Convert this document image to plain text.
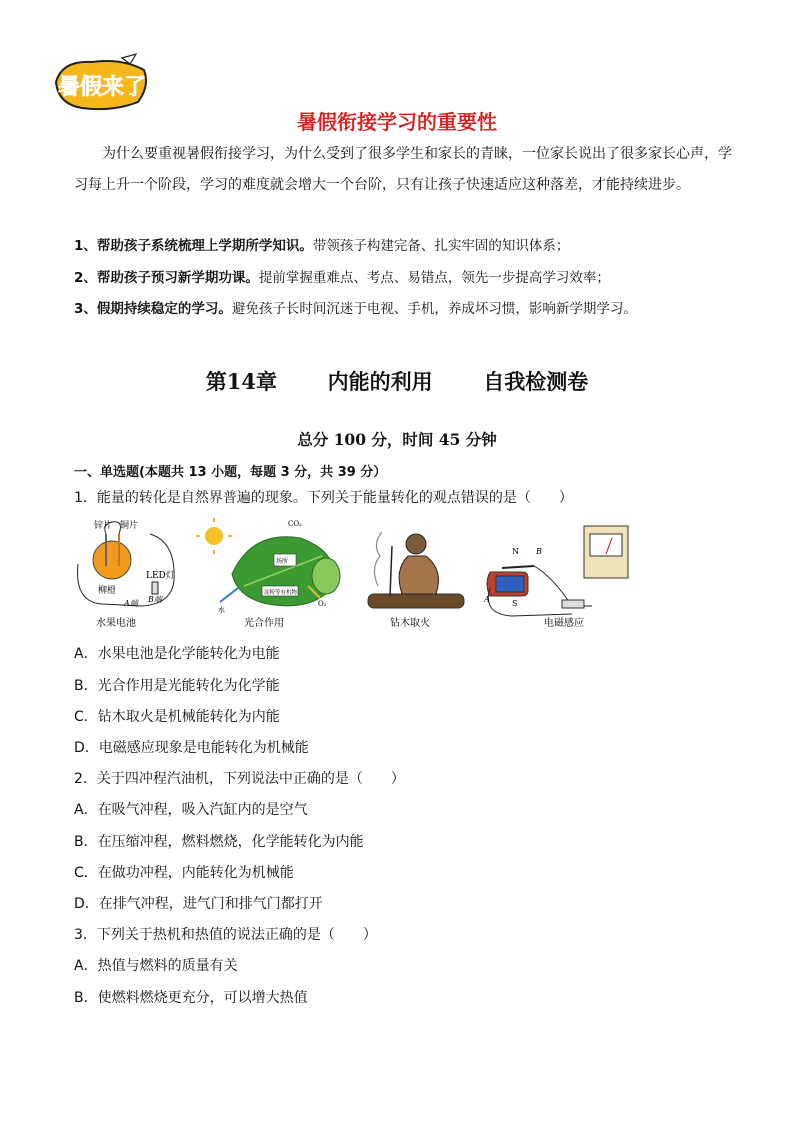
暑假来了
暑假衔接学习的重要性
为什么要重视暑假衔接学习，为什么受到了很多学生和家长的青睐，一位家长说出了很多家长心声，学习每上升一个阶段，学习的难度就会增大一个台阶，只有让孩子快速适应这种落差，才能持续进步。
1、帮助孩子系统梳理上学期所学知识。带领孩子构建完备、扎实牢固的知识体系；
2、帮助孩子预习新学期功课。提前掌握重难点、考点、易错点，领先一步提高学习效率；
3、假期持续稳定的学习。避免孩子长时间沉迷于电视、手机，养成坏习惯，影响新学期学习。
第14章 内能的利用 自我检测卷
总分 100 分，时间 45 分钟
一、单选题(本题共 13 小题，每题 3 分，共 39 分）
1．能量的转化是自然界普遍的现象。下列关于能量转化的观点错误的是（　　）
锌片 铜片
柳橙
LED灯
A端 B端
水果电池
场所
淀粉等有机物
CO₂
O₂
水
光合作用	钻木取火
N
S
A
B
电磁感应
A．水果电池是化学能转化为电能
B．光合作用是光能转化为化学能
C．钻木取火是机械能转化为内能
D．电磁感应现象是电能转化为机械能
2．关于四冲程汽油机，下列说法中正确的是（　　）
A．在吸气冲程，吸入汽缸内的是空气
B．在压缩冲程，燃料燃烧，化学能转化为内能
C．在做功冲程，内能转化为机械能
D．在排气冲程，进气门和排气门都打开
3．下列关于热机和热值的说法正确的是（　　）
A．热值与燃料的质量有关
B．使燃料燃烧更充分，可以增大热值
